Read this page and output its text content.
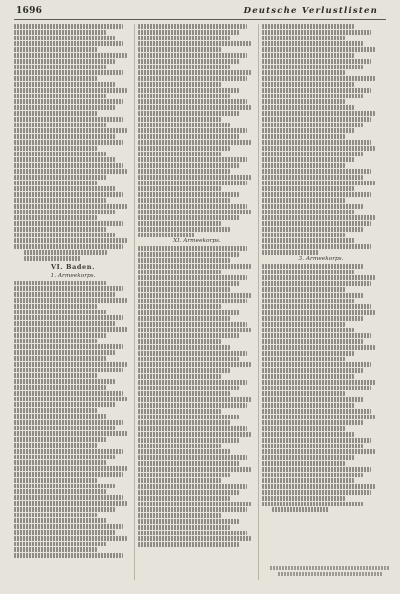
1696	Deutsche Verlustlisten
VI. Baden.
1. Armeekorps.
XI. Armeekorps.
3. Armeekorps.
